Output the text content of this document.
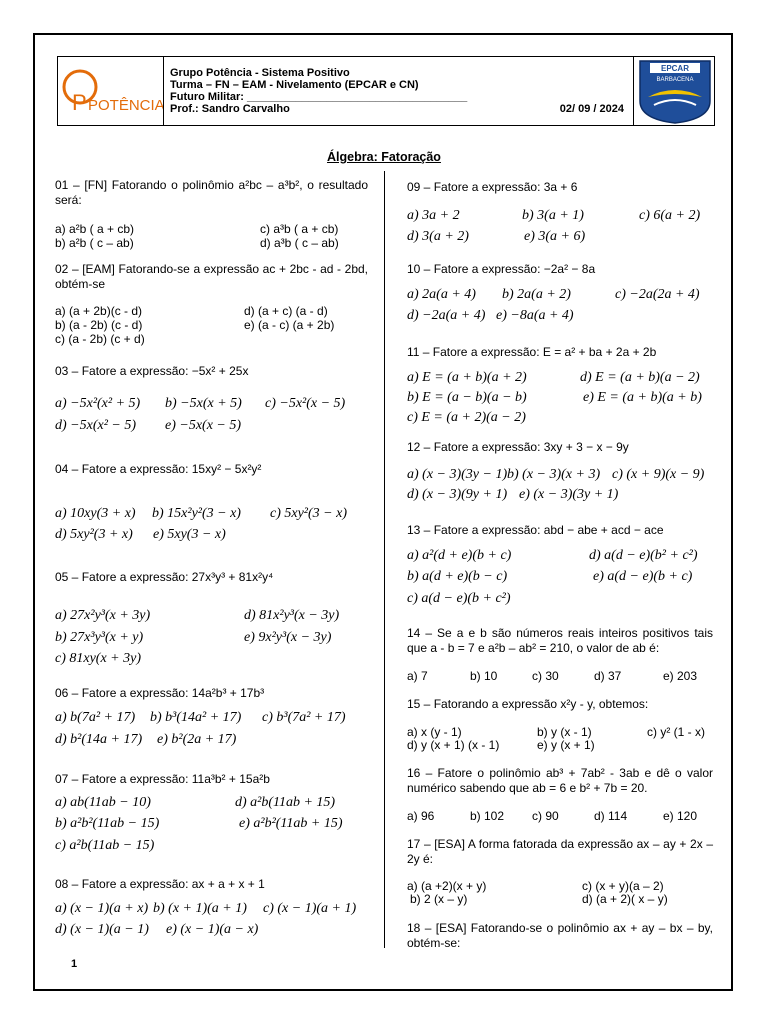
P POTÊNCIA
Grupo Potência - Sistema Positivo
Turma – FN – EAM - Nivelamento (EPCAR e CN)
Futuro Militar: ____________________________________
Prof.: Sandro Carvalho	02/ 09 / 2024
EPCAR
BARBACENA
Álgebra: Fatoração
01 – [FN] Fatorando o polinômio a²bc – a³b², o resultado será:
a) a²b ( a + cb)
b) a²b ( c – ab)
c) a³b ( a + cb)
d) a³b ( c – ab)
02 – [EAM] Fatorando-se a expressão ac + 2bc - ad - 2bd, obtém-se
a) (a + 2b)(c - d)
b) (a - 2b) (c - d)
c) (a - 2b) (c + d)
d) (a + c) (a - d)
e) (a - c) (a + 2b)
03 – Fatore a expressão: −5x² + 25x
a) −5x²(x² + 5) b) −5x(x + 5) c) −5x²(x − 5)
d) −5x(x² − 5) e) −5x(x − 5)
04 – Fatore a expressão: 15xy² − 5x²y²
a) 10xy(3 + x) b) 15x²y²(3 − x) c) 5xy²(3 − x)
d) 5xy²(3 + x) e) 5xy(3 − x)
05 – Fatore a expressão: 27x³y³ + 81x²y⁴
a) 27x²y³(x + 3y)
b) 27x³y³(x + y)
c) 81xy(x + 3y)
d) 81x²y³(x − 3y)
e) 9x²y³(x − 3y)
06 – Fatore a expressão: 14a²b³ + 17b³
a) b(7a² + 17) b) b³(14a² + 17) c) b³(7a² + 17)
d) b²(14a + 17) e) b²(2a + 17)
07 – Fatore a expressão: 11a³b² + 15a²b
a) ab(11ab − 10)
b) a²b²(11ab − 15)
c) a²b(11ab − 15)
d) a²b(11ab + 15)
e) a²b²(11ab + 15)
08 – Fatore a expressão: ax + a + x + 1
a) (x − 1)(a + x) b) (x + 1)(a + 1) c) (x − 1)(a + 1)
d) (x − 1)(a − 1) e) (x − 1)(a − x)
09 – Fatore a expressão: 3a + 6
a) 3a + 2	b) 3(a + 1)	c) 6(a + 2)
d) 3(a + 2)	e) 3(a + 6)
10 – Fatore a expressão: −2a² − 8a
a) 2a(a + 4) b) 2a(a + 2)	c) −2a(2a + 4)
d) −2a(a + 4) e) −8a(a + 4)
11 – Fatore a expressão: E = a² + ba + 2a + 2b
a) E = (a + b)(a + 2)
b) E = (a − b)(a − b)
c) E = (a + 2)(a − 2)
d) E = (a + b)(a − 2)
e) E = (a + b)(a + b)
12 – Fatore a expressão: 3xy + 3 − x − 9y
a) (x − 3)(3y − 1) b) (x − 3)(x + 3) c) (x + 9)(x − 9)
d) (x − 3)(9y + 1) e) (x − 3)(3y + 1)
13 – Fatore a expressão: abd − abe + acd − ace
a) a²(d + e)(b + c)
b) a(d + e)(b − c)
c) a(d − e)(b + c²)
d) a(d − e)(b² + c²)
e) a(d − e)(b + c)
14 – Se a e b são números reais inteiros positivos tais que a - b = 7 e a²b – ab² = 210, o valor de ab é:
a) 7	b) 10	c) 30	d) 37	e) 203
15 – Fatorando a expressão x²y - y, obtemos:
a) x (y - 1)
d) y (x + 1) (x - 1)
b) y (x - 1)
e) y (x + 1)
c) y² (1 - x)
16 – Fatore o polinômio ab³ + 7ab² - 3ab e dê o valor numérico sabendo que ab = 6 e b² + 7b = 20.
a) 96	b) 102 c) 90	d) 114	e) 120
17 – [ESA] A forma fatorada da expressão ax – ay + 2x – 2y é:
a) (a +2)(x + y)
b) 2 (x – y)
c) (x + y)(a – 2)
d) (a + 2)( x – y)
18 – [ESA] Fatorando-se o polinômio ax + ay – bx – by, obtém-se:
1
